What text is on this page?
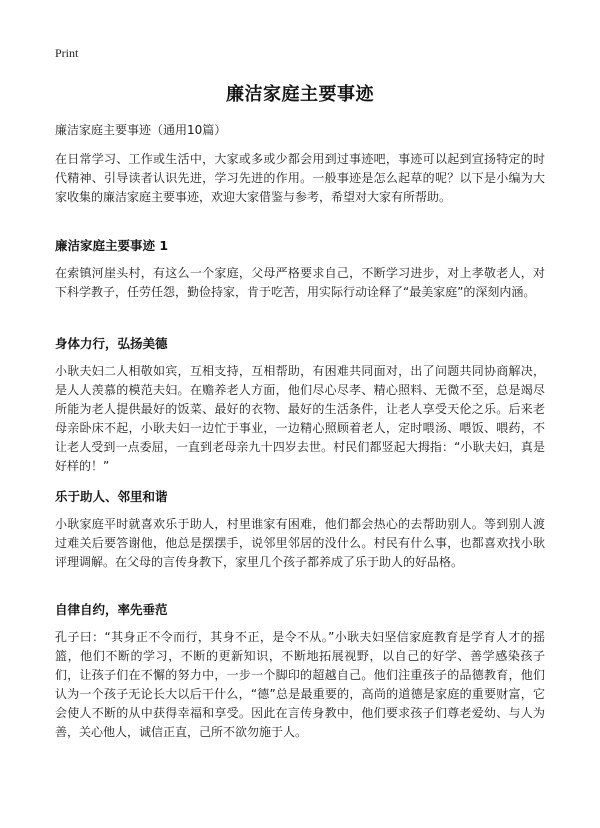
Print
廉洁家庭主要事迹
廉洁家庭主要事迹（通用10篇）
在日常学习、工作或生活中，大家或多或少都会用到过事迹吧，事迹可以起到宣扬特定的时代精神、引导读者认识先进，学习先进的作用。一般事迹是怎么起草的呢？以下是小编为大家收集的廉洁家庭主要事迹，欢迎大家借鉴与参考，希望对大家有所帮助。
廉洁家庭主要事迹 1
在索镇河崖头村，有这么一个家庭，父母严格要求自己，不断学习进步，对上孝敬老人，对下科学教子，任劳任怨，勤俭持家，肯于吃苦，用实际行动诠释了“最美家庭”的深刻内涵。
身体力行，弘扬美德
小耿夫妇二人相敬如宾，互相支持，互相帮助，有困难共同面对，出了问题共同协商解决，是人人羡慕的模范夫妇。在赡养老人方面，他们尽心尽孝、精心照料、无微不至，总是竭尽所能为老人提供最好的饭菜、最好的衣物、最好的生活条件，让老人享受天伦之乐。后来老母亲卧床不起，小耿夫妇一边忙于事业，一边精心照顾着老人，定时喂汤、喂饭、喂药，不让老人受到一点委屈，一直到老母亲九十四岁去世。村民们都竖起大拇指：“小耿夫妇，真是好样的！”
乐于助人、邻里和谐
小耿家庭平时就喜欢乐于助人，村里谁家有困难，他们都会热心的去帮助别人。等到别人渡过难关后要答谢他，他总是摆摆手，说邻里邻居的没什么。村民有什么事，也都喜欢找小耿评理调解。在父母的言传身教下，家里几个孩子都养成了乐于助人的好品格。
自律自约，率先垂范
孔子曰：“其身正不令而行，其身不正，是令不从。”小耿夫妇坚信家庭教育是学育人才的摇篮，他们不断的学习，不断的更新知识，不断地拓展视野，以自己的好学、善学感染孩子们，让孩子们在不懈的努力中，一步一个脚印的超越自己。他们注重孩子的品德教育，他们认为一个孩子无论长大以后干什么，“德”总是最重要的，高尚的道德是家庭的重要财富，它会使人不断的从中获得幸福和享受。因此在言传身教中，他们要求孩子们尊老爱幼、与人为善，关心他人，诚信正直，己所不欲勿施于人。
